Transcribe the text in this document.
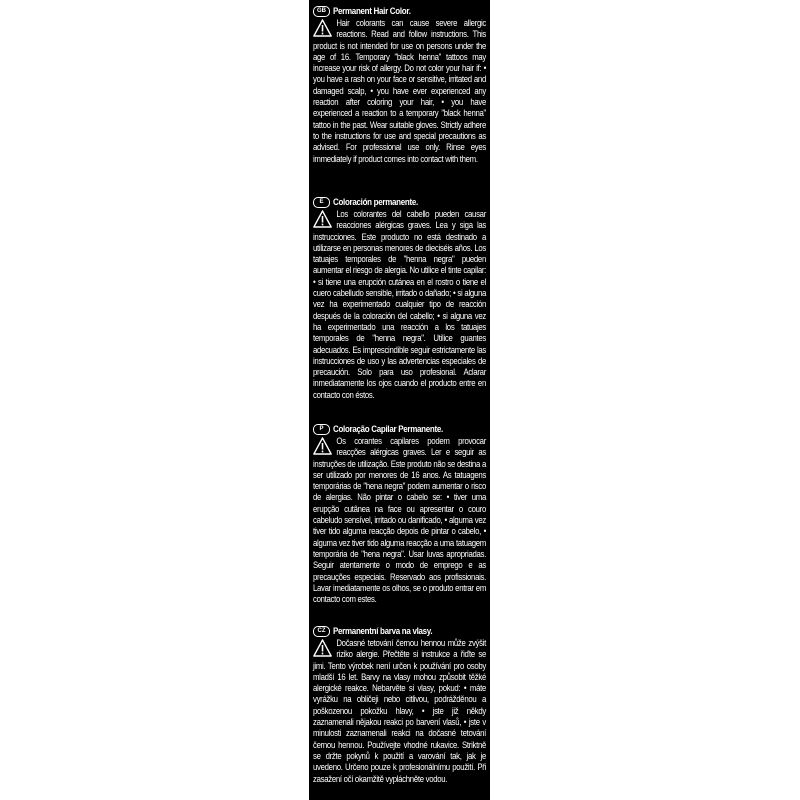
GB Permanent Hair Color.
Hair colorants can cause severe allergic reactions. Read and follow instructions. This product is not intended for use on persons under the age of 16. Temporary "black henna" tattoos may increase your risk of allergy. Do not color your hair if: • you have a rash on your face or sensitive, irritated and damaged scalp, • you have ever experienced any reaction after coloring your hair, • you have experienced a reaction to a temporary "black henna" tattoo in the past. Wear suitable gloves. Strictly adhere to the instructions for use and special precautions as advised. For professional use only. Rinse eyes immediately if product comes into contact with them.
E	Coloración permanente.
Los colorantes del cabello pueden causar reacciones alérgicas graves. Lea y siga las instrucciones. Este producto no está destinado a utilizarse en personas menores de dieciséis años. Los tatuajes temporales de "henna negra" pueden aumentar el riesgo de alergia. No utilice el tinte capilar: • si tiene una erupción cutánea en el rostro o tiene el cuero cabelludo sensible, irritado o dañado; • si alguna vez ha experimentado cualquier tipo de reacción después de la coloración del cabello; • si alguna vez ha experimentado una reacción a los tatuajes temporales de "henna negra". Utilice guantes adecuados. Es imprescindible seguir estrictamente las instrucciones de uso y las advertencias especiales de precaución. Solo para uso profesional. Aclarar inmediatamente los ojos cuando el producto entre en contacto con éstos.
P	Coloração Capilar Permanente.
Os corantes capilares podem provocar reacções alérgicas graves. Ler e seguir as instruções de utilização. Este produto não se destina a ser utilizado por menores de 16 anos. As tatuagens temporárias de "hena negra" podem aumentar o risco de alergias. Não pintar o cabelo se: • tiver uma erupção cutânea na face ou apresentar o couro cabeludo sensível, irritado ou danificado, • alguma vez tiver tido alguma reacção depois de pintar o cabelo, • alguma vez tiver tido alguma reacção a uma tatuagem temporária de "hena negra". Usar luvas apropriadas. Seguir atentamente o modo de emprego e as precauções especiais. Reservado aos profissionais. Lavar imediatamente os olhos, se o produto entrar em contacto com estes.
CZ Permanentní barva na vlasy.
Dočasné tetování černou hennou může zvýšit riziko alergie. Přečtěte si instrukce a řiďte se jimi. Tento výrobek není určen k používání pro osoby mladší 16 let. Barvy na vlasy mohou způsobit těžké alergické reakce. Nebarvěte si vlasy, pokud: • máte vyrážku na obličeji nebo citlivou, podrážděnou a poškozenou pokožku hlavy, • jste již někdy zaznamenali nějakou reakci po barvení vlasů, • jste v minulosti zaznamenali reakci na dočasné tetování černou hennou. Používejte vhodné rukavice. Striktně se držte pokynů k použití a varování tak, jak je uvedeno. Určeno pouze k profesionálnímu použití. Při zasažení očí okamžitě vypláchněte vodou.
